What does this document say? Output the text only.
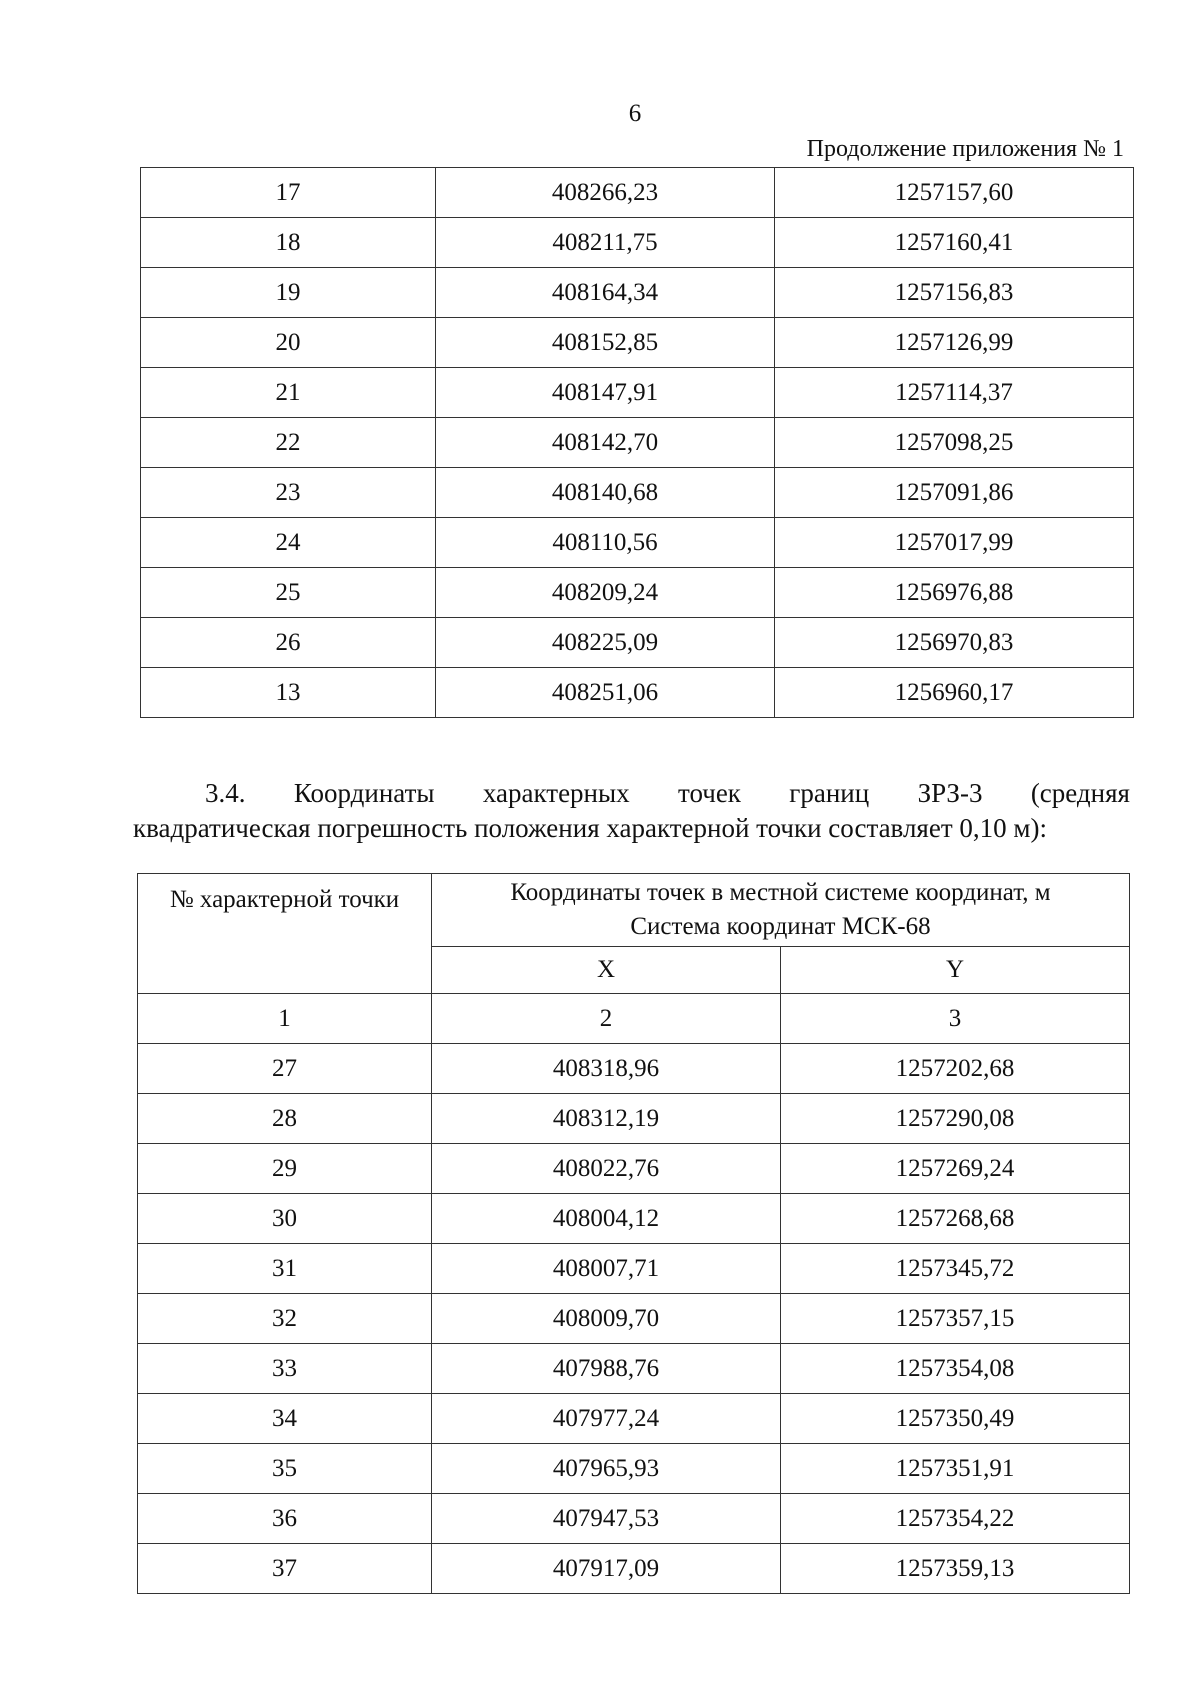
6
Продолжение приложения № 1
17	408266,23	1257157,60
18	408211,75	1257160,41
19	408164,34	1257156,83
20	408152,85	1257126,99
21	408147,91	1257114,37
22	408142,70	1257098,25
23	408140,68	1257091,86
24	408110,56	1257017,99
25	408209,24	1256976,88
26	408225,09	1256970,83
13	408251,06	1256960,17
3.4. Координаты характерных точек границ ЗРЗ-3 (средняя
квадратическая погрешность положения характерной точки составляет 0,10 м):
№ характерной точки	Координаты точек в местной системе координат, м
Система координат МСК-68	

	X	Y
1	2	3
27	408318,96	1257202,68
28	408312,19	1257290,08
29	408022,76	1257269,24
30	408004,12	1257268,68
31	408007,71	1257345,72
32	408009,70	1257357,15
33	407988,76	1257354,08
34	407977,24	1257350,49
35	407965,93	1257351,91
36	407947,53	1257354,22
37	407917,09	1257359,13
